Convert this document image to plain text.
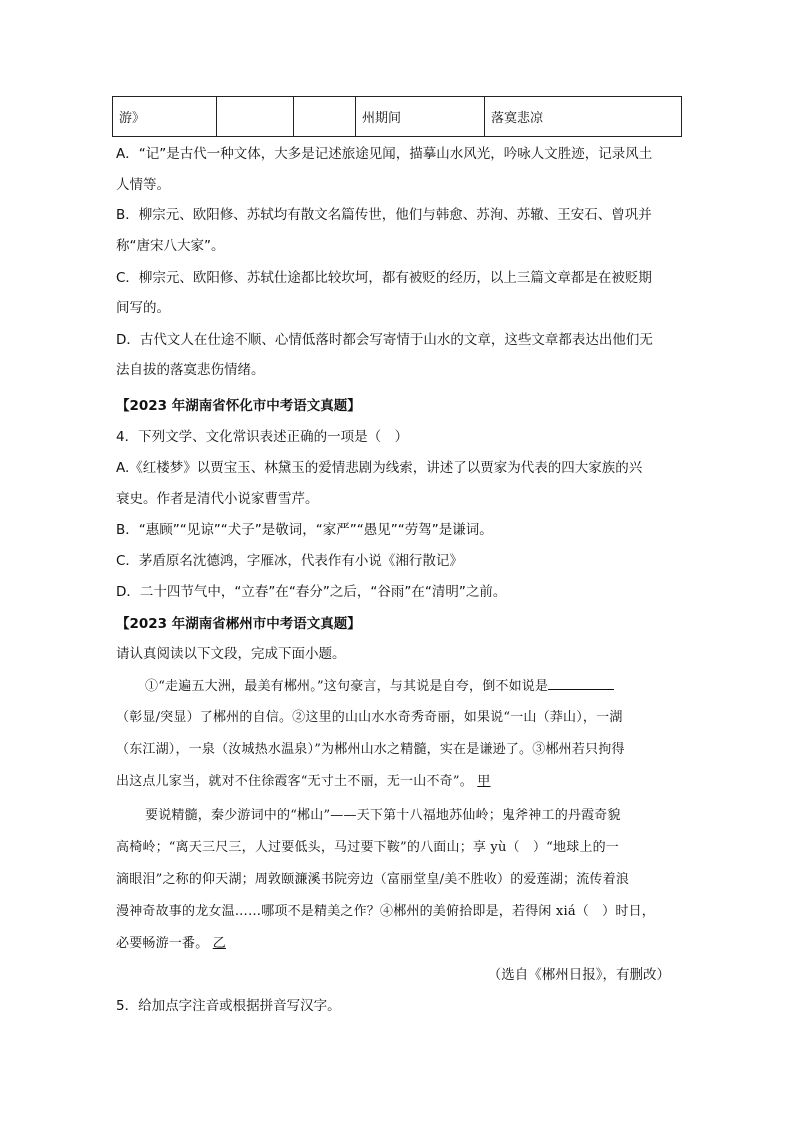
游》			州期间	落寞悲凉
A．“记”是古代一种文体，大多是记述旅途见闻，描摹山水风光，吟咏人文胜迹，记录风土
人情等。
B．柳宗元、欧阳修、苏轼均有散文名篇传世，他们与韩愈、苏洵、苏辙、王安石、曾巩并
称“唐宋八大家”。
C．柳宗元、欧阳修、苏轼仕途都比较坎坷，都有被贬的经历，以上三篇文章都是在被贬期
间写的。
D．古代文人在仕途不顺、心情低落时都会写寄情于山水的文章，这些文章都表达出他们无
法自拔的落寞悲伤情绪。
【2023 年湖南省怀化市中考语文真题】
4．下列文学、文化常识表述正确的一项是（　）
A.《红楼梦》以贾宝玉、林黛玉的爱情悲剧为线索，讲述了以贾家为代表的四大家族的兴
衰史。作者是清代小说家曹雪芹。
B．“惠顾”“见谅”“犬子”是敬词，“家严”“愚见”“劳驾”是谦词。
C．茅盾原名沈德鸿，字雁冰，代表作有小说《湘行散记》
D．二十四节气中，“立春”在“春分”之后，“谷雨”在“清明”之前。
【2023 年湖南省郴州市中考语文真题】
请认真阅读以下文段，完成下面小题。
①“走遍五大洲，最美有郴州。”这句豪言，与其说是自夸，倒不如说是
（彰显/突显）了郴州的自信。②这里的山山水水奇秀奇丽，如果说“一山（莽山），一湖
（东江湖），一泉（汝城热水温泉）”为郴州山水之精髓，实在是谦逊了。③郴州若只拘得
出这点儿家当，就对不住徐霞客“无寸土不丽，无一山不奇”。 甲
要说精髓，秦少游词中的“郴山”——天下第十八福地苏仙岭；鬼斧神工的丹霞奇貌
高椅岭；“离天三尺三，人过要低头，马过要下鞍”的八面山；享 yù（　）“地球上的一
滴眼泪”之称的仰天湖；周敦颐濂溪书院旁边（富丽堂皇/美不胜收）的爱莲湖；流传着浪
漫神奇故事的龙女温……哪项不是精美之作？④郴州的美俯拾即是，若得闲 xiá（　）时日，
必要畅游一番。 乙
（选自《郴州日报》，有删改）
5．给加点字注音或根据拼音写汉字。
